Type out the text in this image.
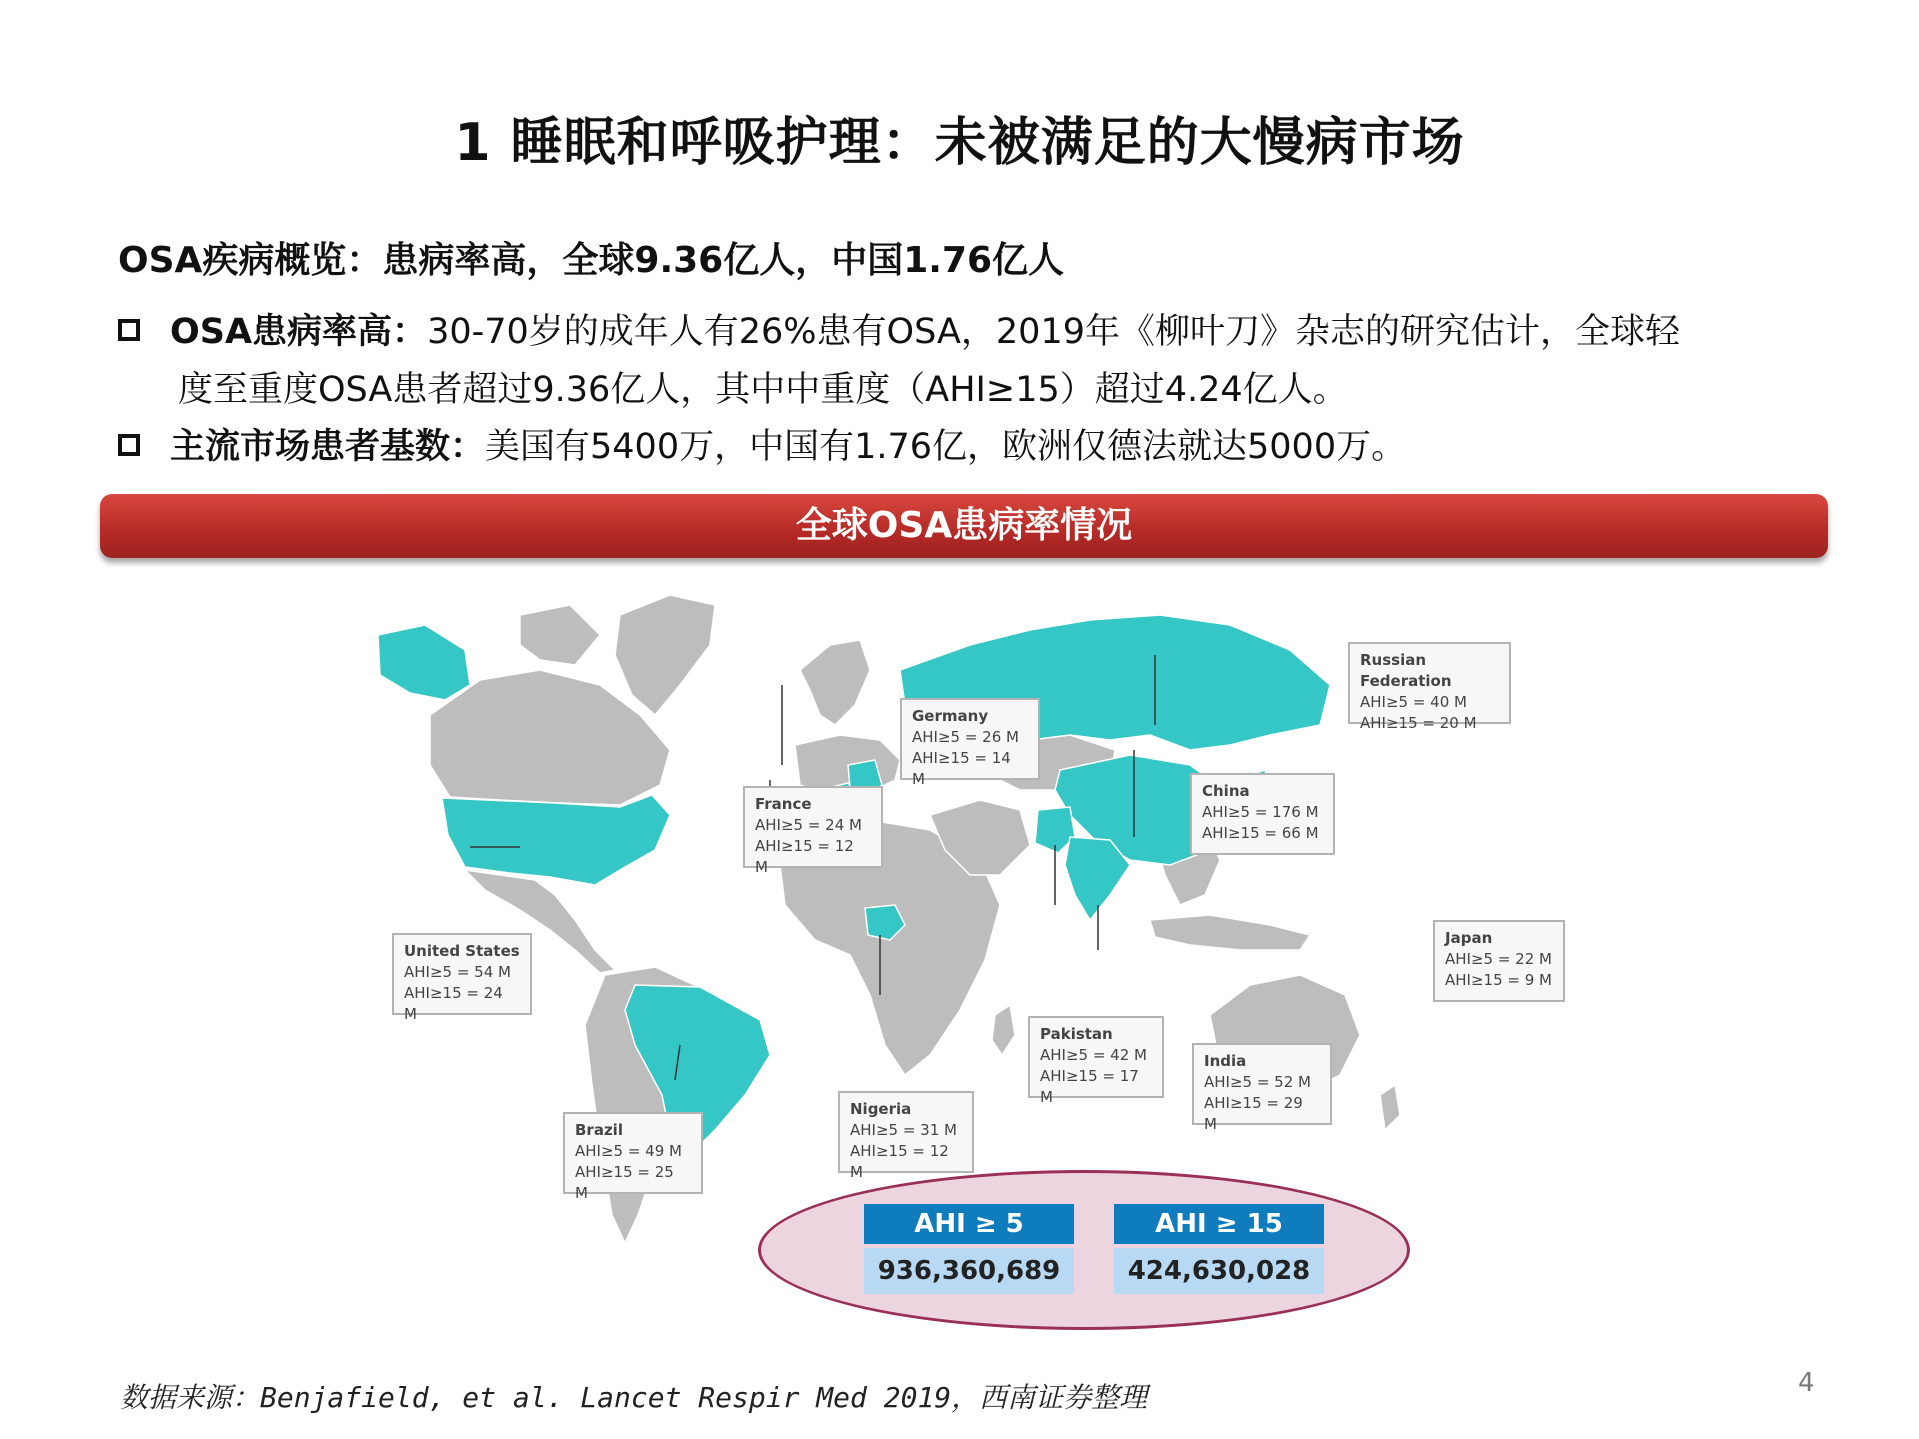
1 睡眠和呼吸护理：未被满足的大慢病市场
OSA疾病概览：患病率高，全球9.36亿人，中国1.76亿人
OSA患病率高：30-70岁的成年人有26%患有OSA，2019年《柳叶刀》杂志的研究估计，全球轻
度至重度OSA患者超过9.36亿人，其中中重度（AHI≥15）超过4.24亿人。
主流市场患者基数：美国有5400万，中国有1.76亿，欧洲仅德法就达5000万。
全球OSA患病率情况
Russian Federation
AHI≥5 = 40 M
AHI≥15 = 20 M
Germany
AHI≥5 = 26 M
AHI≥15 = 14 M
France
AHI≥5 = 24 M
AHI≥15 = 12 M
China
AHI≥5 = 176 M
AHI≥15 = 66 M
United States
AHI≥5 = 54 M
AHI≥15 = 24 M
Japan
AHI≥5 = 22 M
AHI≥15 = 9 M
Pakistan
AHI≥5 = 42 M
AHI≥15 = 17 M
India
AHI≥5 = 52 M
AHI≥15 = 29 M
Nigeria
AHI≥5 = 31 M
AHI≥15 = 12 M
Brazil
AHI≥5 = 49 M
AHI≥15 = 25 M
AHI ≥ 5
936,360,689
AHI ≥ 15
424,630,028
数据来源：Benjafield, et al. Lancet Respir Med 2019，西南证券整理	4
